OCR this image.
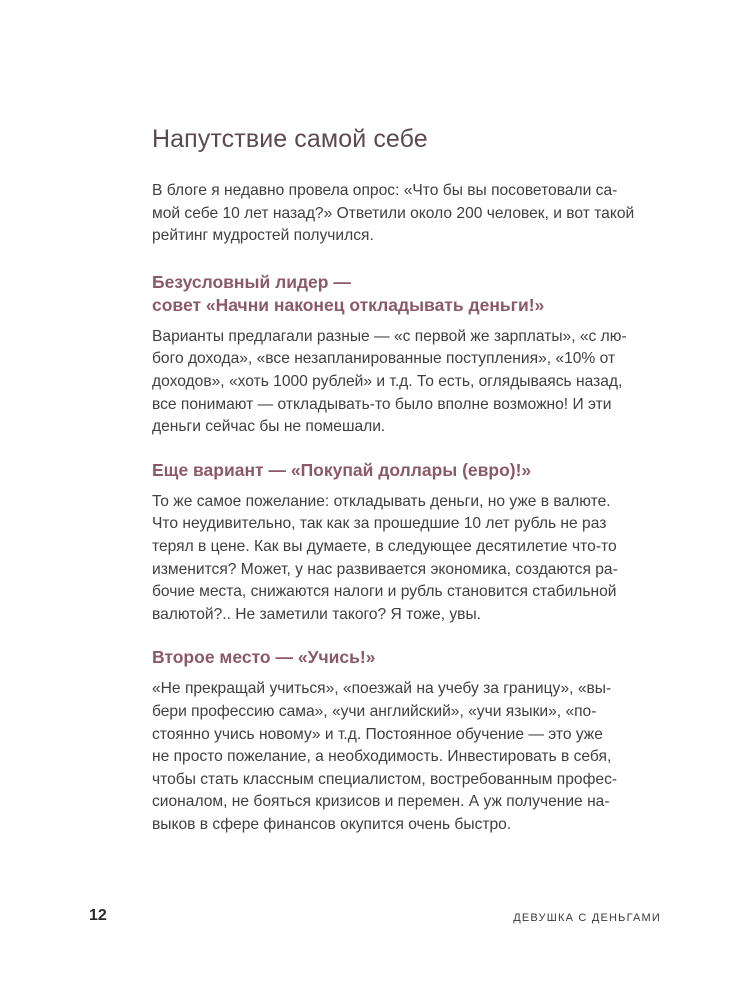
Напутствие самой себе

В блоге я недавно провела опрос: «Что бы вы посоветовали са-
мой себе 10 лет назад?» Ответили около 200 человек, и вот такой
рейтинг мудростей получился.

Безусловный лидер —
совет «Начни наконец откладывать деньги!»

Варианты предлагали разные — «с первой же зарплаты», «с лю-
бого дохода», «все незапланированные поступления», «10% от
доходов», «хоть 1000 рублей» и т.д. То есть, оглядываясь назад,
все понимают — откладывать-то было вполне возможно! И эти
деньги сейчас бы не помешали.

Еще вариант — «Покупай доллары (евро)!»

То же самое пожелание: откладывать деньги, но уже в валюте.
Что неудивительно, так как за прошедшие 10 лет рубль не раз
терял в цене. Как вы думаете, в следующее десятилетие что-то
изменится? Может, у нас развивается экономика, создаются ра-
бочие места, снижаются налоги и рубль становится стабильной
валютой?.. Не заметили такого? Я тоже, увы.

Второе место — «Учись!»

«Не прекращай учиться», «поезжай на учебу за границу», «вы-
бери профессию сама», «учи английский», «учи языки», «по-
стоянно учись новому» и т.д. Постоянное обучение — это уже
не просто пожелание, а необходимость. Инвестировать в себя,
чтобы стать классным специалистом, востребованным профес-
сионалом, не бояться кризисов и перемен. А уж получение на-
выков в сфере финансов окупится очень быстро.

12	ДЕВУШКА С ДЕНЬГАМИ
